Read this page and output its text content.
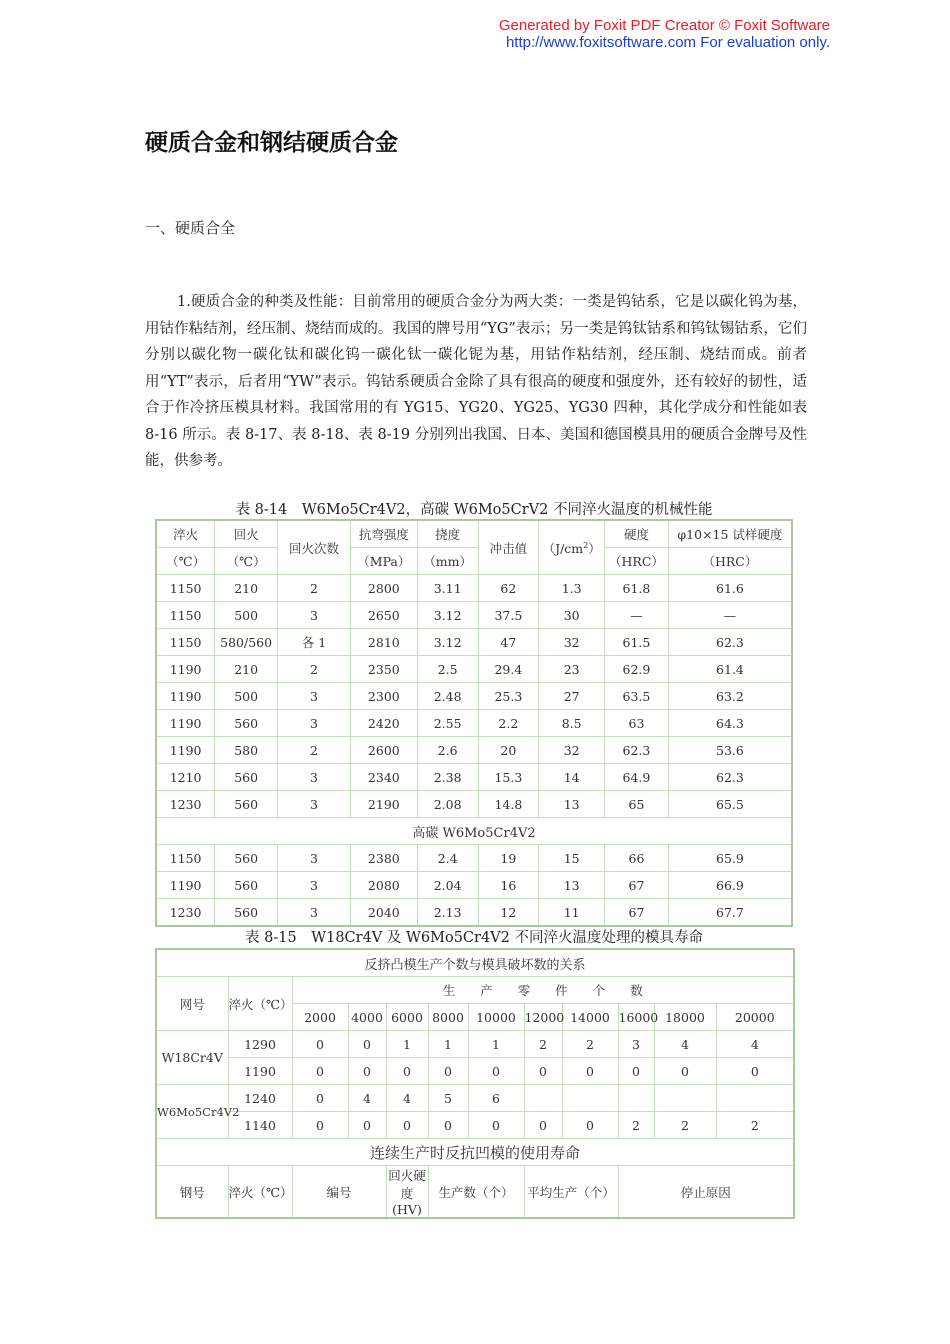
Generated by Foxit PDF Creator © Foxit Software
http://www.foxitsoftware.com For evaluation only.
硬质合金和钢结硬质合金
一、硬质合全
1.硬质合金的种类及性能：目前常用的硬质合金分为两大类：一类是钨钴系，它是以碳化钨为基，用钴作粘结剂，经压制、烧结而成的。我国的牌号用“YG”表示；另一类是钨钛钴系和钨钛锡钴系，它们分别以碳化物一碳化钛和碳化钨一碳化钛一碳化铌为基，用钴作粘结剂，经压制、烧结而成。前者用“YT”表示，后者用“YW”表示。钨钴系硬质合金除了具有很高的硬度和强度外，还有较好的韧性，适合于作冷挤压模具材料。我国常用的有 YG15、YG20、YG25、YG30 四种，其化学成分和性能如表 8-16 所示。表 8-17、表 8-18、表 8-19 分别列出我国、日本、美国和德国模具用的硬质合金牌号及性能，供参考。
表 8-14　W6Mo5Cr4V2，高碳 W6Mo5CrV2 不同淬火温度的机械性能
淬火	回火	回火次数	抗弯强度	挠度	冲击值	$(J/cm^2)$	硬度	φ10×15 试样硬度
（℃）	（℃）		（MPa）	（mm）			（HRC）	（HRC）
1150	210	2	2800	3.11	62	1.3	61.8	61.6
1150	500	3	2650	3.12	37.5	30	—	—
1150	580/560	各 1	2810	3.12	47	32	61.5	62.3
1190	210	2	2350	2.5	29.4	23	62.9	61.4
1190	500	3	2300	2.48	25.3	27	63.5	63.2
1190	560	3	2420	2.55	2.2	8.5	63	64.3
1190	580	2	2600	2.6	20	32	62.3	53.6
1210	560	3	2340	2.38	15.3	14	64.9	62.3
1230	560	3	2190	2.08	14.8	13	65	65.5
高碳 W6Mo5Cr4V2								
1150	560	3	2380	2.4	19	15	66	65.9
1190	560	3	2080	2.04	16	13	67	66.9
1230	560	3	2040	2.13	12	11	67	67.7
表 8-15　W18Cr4V 及 W6Mo5Cr4V2 不同淬火温度处理的模具寿命
反挤凸模生产个数与模具破坏数的关系											
网号	淬火（℃）	生　　产　　零　　件　　个　　数									
		2000	4000	6000	8000	10000	12000	14000	16000	18000	20000
W18Cr4V	1290	0	0	1	1	1	2	2	3	4	4
	1190	0	0	0	0	0	0	0	0	0	0
W6Mo5Cr4V2	1240	0	4	4	5	6					
	1140	0	0	0	0	0	0	0	2	2	2
连续生产时反抗凹模的使用寿命											
钢号	淬火（℃）	编号		回火硬度(HV)	生产数（个）		平均生产（个）		停止原因		
